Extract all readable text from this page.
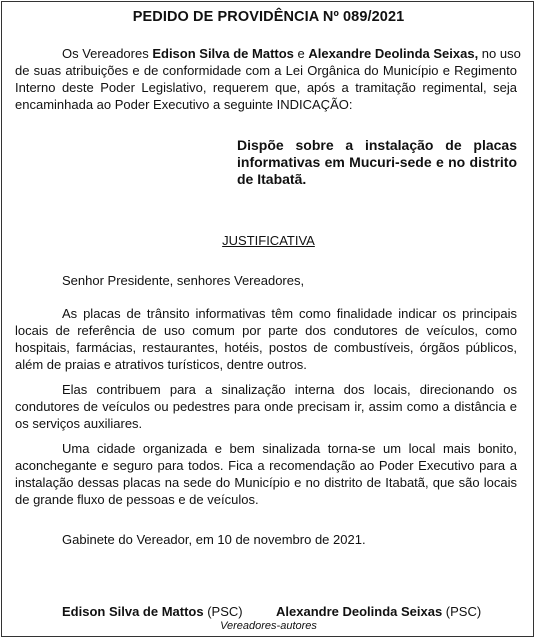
PEDIDO DE PROVIDÊNCIA Nº 089/2021
Os Vereadores Edison Silva de Mattos e Alexandre Deolinda Seixas, no uso
de suas atribuições e de conformidade com a Lei Orgânica do Município e Regimento
Interno deste Poder Legislativo, requerem que, após a tramitação regimental, seja
encaminhada ao Poder Executivo a seguinte INDICAÇÃO:
Dispõe sobre a instalação de placas
informativas em Mucuri-sede e no distrito
de Itabatã.
JUSTIFICATIVA
Senhor Presidente, senhores Vereadores,
As placas de trânsito informativas têm como finalidade indicar os principais
locais de referência de uso comum por parte dos condutores de veículos, como
hospitais, farmácias, restaurantes, hotéis, postos de combustíveis, órgãos públicos,
além de praias e atrativos turísticos, dentre outros.
Elas contribuem para a sinalização interna dos locais, direcionando os
condutores de veículos ou pedestres para onde precisam ir, assim como a distância e
os serviços auxiliares.
Uma cidade organizada e bem sinalizada torna-se um local mais bonito,
aconchegante e seguro para todos. Fica a recomendação ao Poder Executivo para a
instalação dessas placas na sede do Município e no distrito de Itabatã, que são locais
de grande fluxo de pessoas e de veículos.
Gabinete do Vereador, em 10 de novembro de 2021.
Edison Silva de Mattos (PSC)	Alexandre Deolinda Seixas (PSC)
Vereadores-autores
